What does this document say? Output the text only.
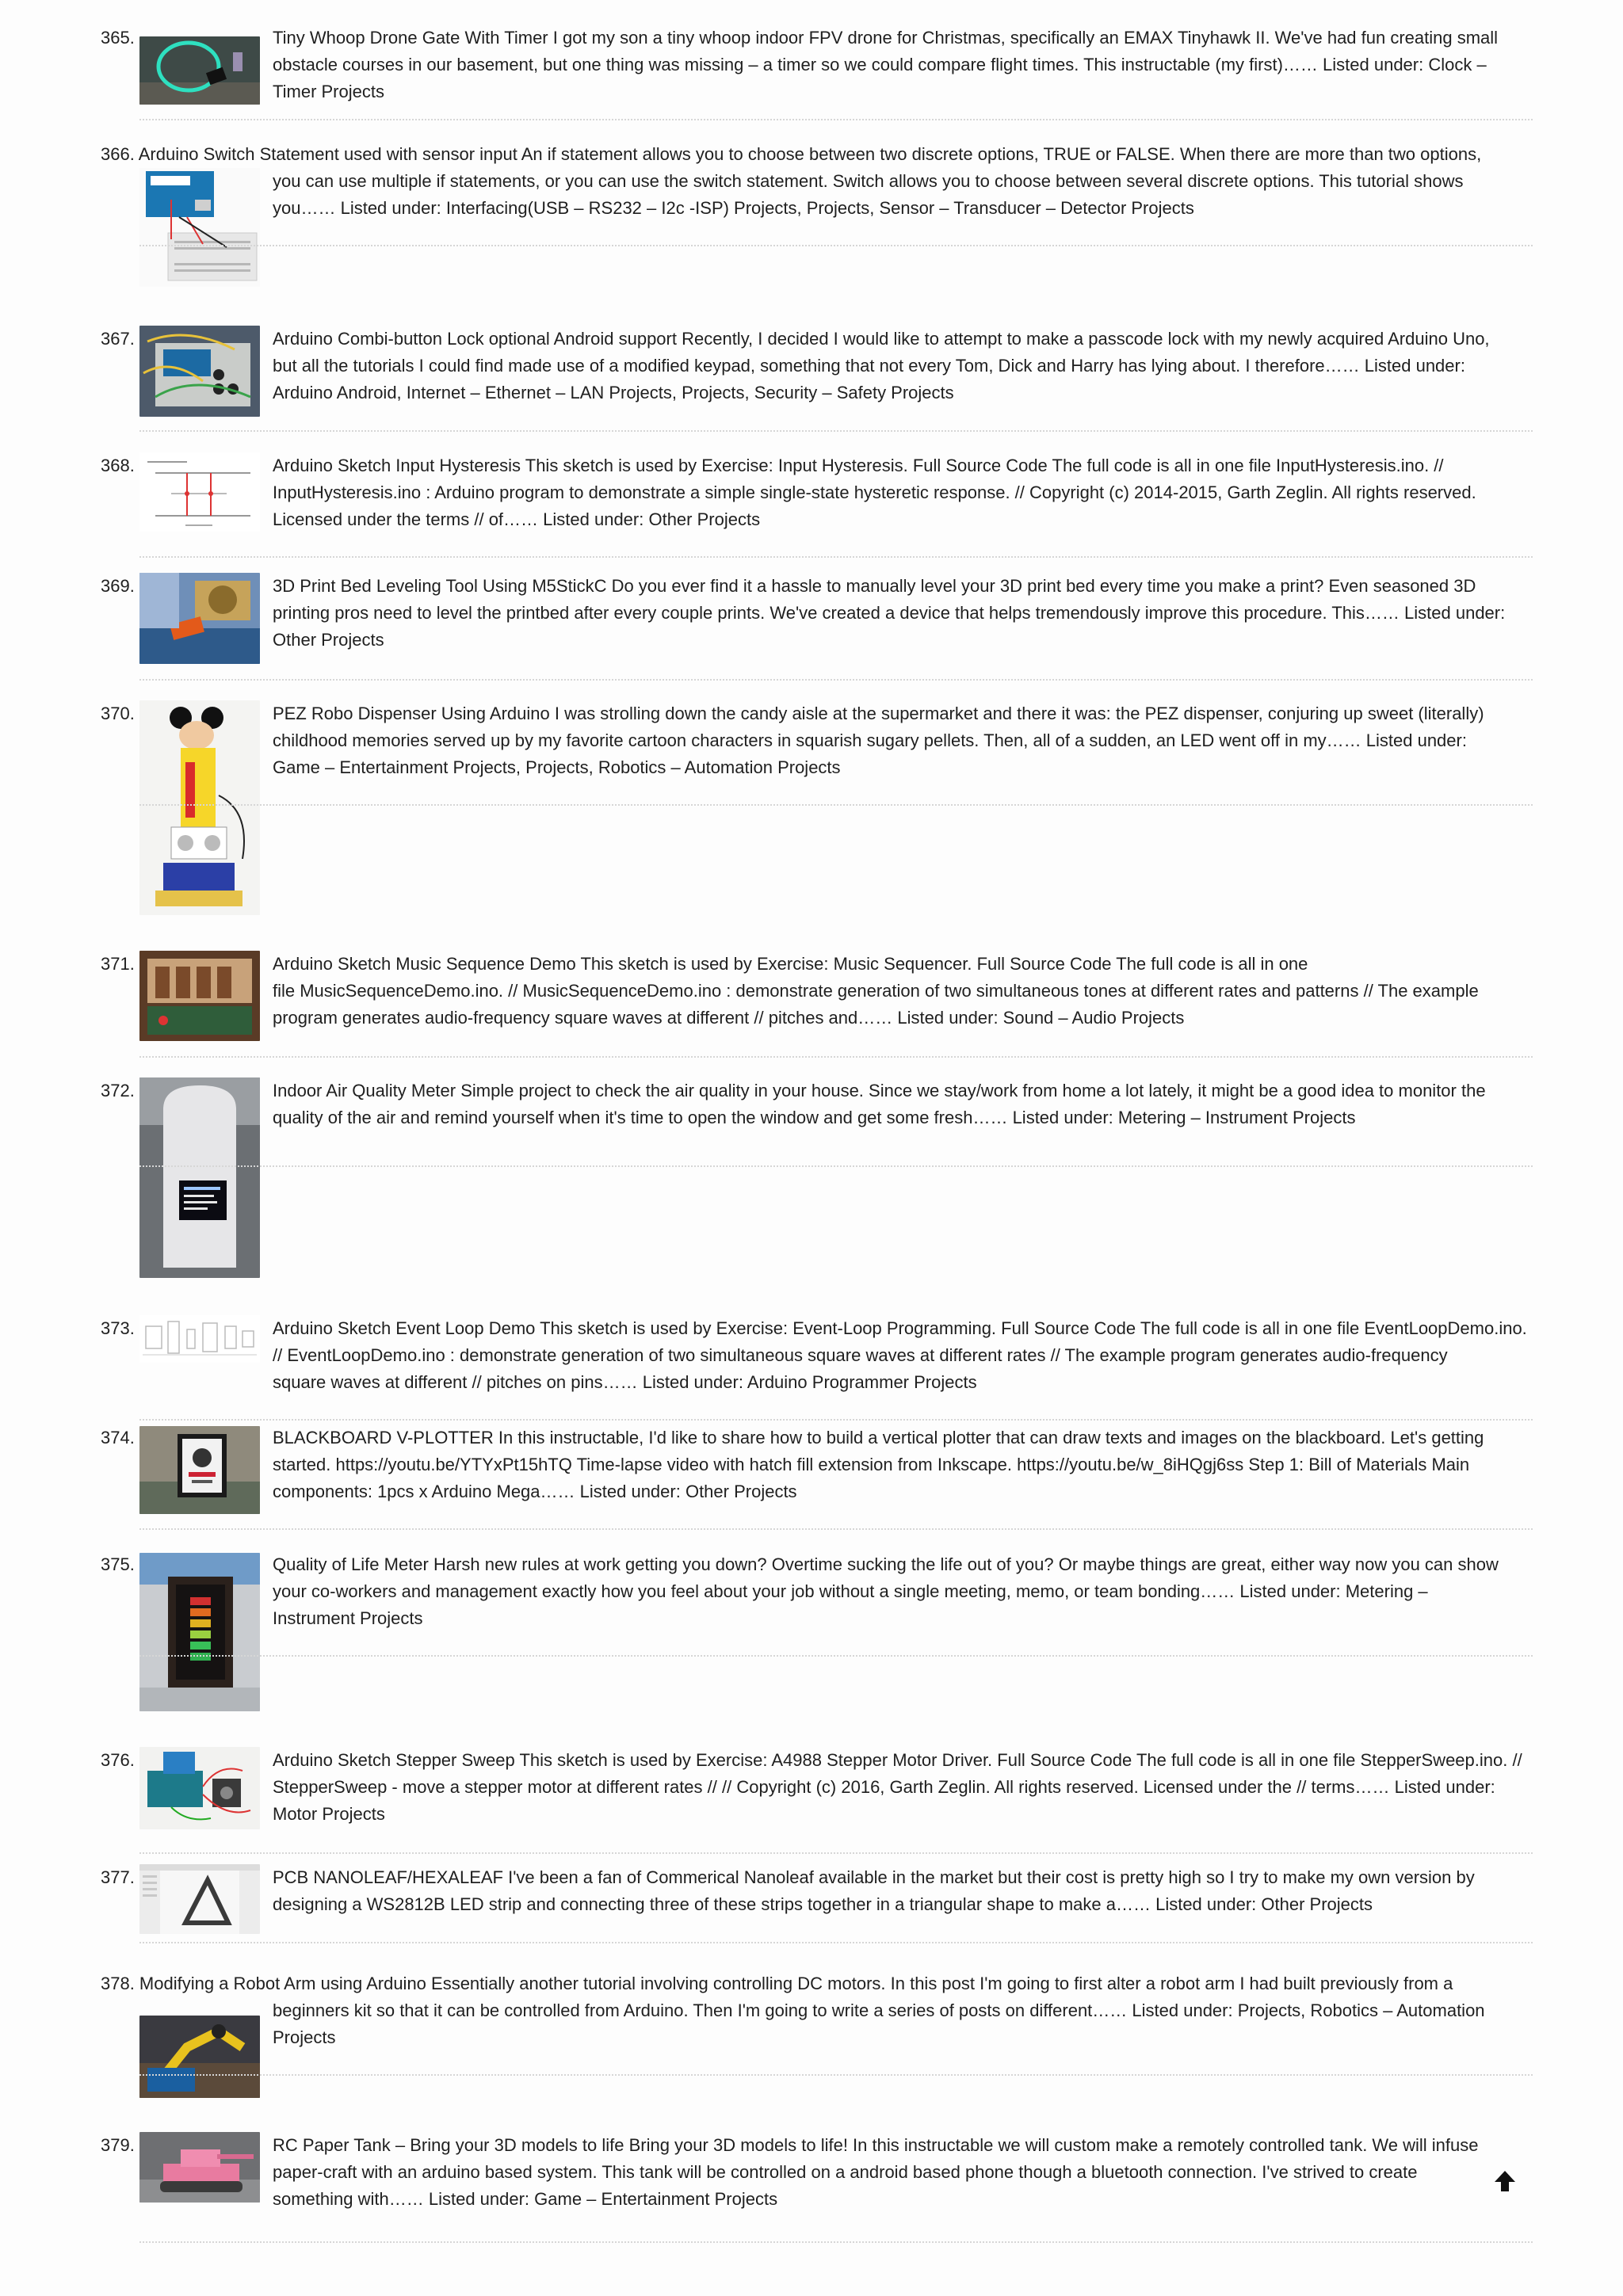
365.	Tiny Whoop Drone Gate With Timer I got my son a tiny whoop indoor FPV drone for Christmas, specifically an EMAX Tinyhawk II. We've had fun creating small
obstacle courses in our basement, but one thing was missing – a timer so we could compare flight times. This instructable (my first)…… Listed under: Clock –
Timer Projects
366. Arduino Switch Statement used with sensor input An if statement allows you to choose between two discrete options, TRUE or FALSE. When there are more than two options,
you can use multiple if statements, or you can use the switch statement. Switch allows you to choose between several discrete options. This tutorial shows
you…… Listed under: Interfacing(USB – RS232 – I2c -ISP) Projects, Projects, Sensor – Transducer – Detector Projects
367.	Arduino Combi-button Lock optional Android support Recently, I decided I would like to attempt to make a passcode lock with my newly acquired Arduino Uno,
but all the tutorials I could find made use of a modified keypad, something that not every Tom, Dick and Harry has lying about. I therefore…… Listed under:
Arduino Android, Internet – Ethernet – LAN Projects, Projects, Security – Safety Projects
368.	Arduino Sketch Input Hysteresis This sketch is used by Exercise: Input Hysteresis. Full Source Code The full code is all in one file InputHysteresis.ino. //
InputHysteresis.ino : Arduino program to demonstrate a simple single-state hysteretic response. // Copyright (c) 2014-2015, Garth Zeglin. All rights reserved.
Licensed under the terms // of…… Listed under: Other Projects
369.	3D Print Bed Leveling Tool Using M5StickC Do you ever find it a hassle to manually level your 3D print bed every time you make a print? Even seasoned 3D
printing pros need to level the printbed after every couple prints. We've created a device that helps tremendously improve this procedure. This…… Listed under:
Other Projects
370.	PEZ Robo Dispenser Using Arduino I was strolling down the candy aisle at the supermarket and there it was: the PEZ dispenser, conjuring up sweet (literally)
childhood memories served up by my favorite cartoon characters in squarish sugary pellets. Then, all of a sudden, an LED went off in my…… Listed under:
Game – Entertainment Projects, Projects, Robotics – Automation Projects
371.	Arduino Sketch Music Sequence Demo This sketch is used by Exercise: Music Sequencer. Full Source Code The full code is all in one
file MusicSequenceDemo.ino. // MusicSequenceDemo.ino : demonstrate generation of two simultaneous tones at different rates and patterns // The example
program generates audio-frequency square waves at different // pitches and…… Listed under: Sound – Audio Projects
372.	Indoor Air Quality Meter Simple project to check the air quality in your house. Since we stay/work from home a lot lately, it might be a good idea to monitor the
quality of the air and remind yourself when it's time to open the window and get some fresh…… Listed under: Metering – Instrument Projects
373.	Arduino Sketch Event Loop Demo This sketch is used by Exercise: Event-Loop Programming. Full Source Code The full code is all in one file EventLoopDemo.ino.
// EventLoopDemo.ino : demonstrate generation of two simultaneous square waves at different rates // The example program generates audio-frequency
square waves at different // pitches on pins…… Listed under: Arduino Programmer Projects
374.	BLACKBOARD V-PLOTTER In this instructable, I'd like to share how to build a vertical plotter that can draw texts and images on the blackboard. Let's getting
started. https://youtu.be/YTYxPt15hTQ Time-lapse video with hatch fill extension from Inkscape. https://youtu.be/w_8iHQgj6ss Step 1: Bill of Materials Main
components: 1pcs x Arduino Mega…… Listed under: Other Projects
375.	Quality of Life Meter Harsh new rules at work getting you down? Overtime sucking the life out of you? Or maybe things are great, either way now you can show
your co-workers and management exactly how you feel about your job without a single meeting, memo, or team bonding…… Listed under: Metering –
Instrument Projects
376.	Arduino Sketch Stepper Sweep This sketch is used by Exercise: A4988 Stepper Motor Driver. Full Source Code The full code is all in one file StepperSweep.ino. //
StepperSweep - move a stepper motor at different rates // // Copyright (c) 2016, Garth Zeglin. All rights reserved. Licensed under the // terms…… Listed under:
Motor Projects
377.	PCB NANOLEAF/HEXALEAF I've been a fan of Commerical Nanoleaf available in the market but their cost is pretty high so I try to make my own version by
designing a WS2812B LED strip and connecting three of these strips together in a triangular shape to make a…… Listed under: Other Projects
378. Modifying a Robot Arm using Arduino Essentially another tutorial involving controlling DC motors. In this post I'm going to first alter a robot arm I had built previously from a
beginners kit so that it can be controlled from Arduino. Then I'm going to write a series of posts on different…… Listed under: Projects, Robotics – Automation
Projects
379.	RC Paper Tank – Bring your 3D models to life Bring your 3D models to life! In this instructable we will custom make a remotely controlled tank. We will infuse
paper-craft with an arduino based system. This tank will be controlled on a android based phone though a bluetooth connection. I've strived to create
something with…… Listed under: Game – Entertainment Projects
